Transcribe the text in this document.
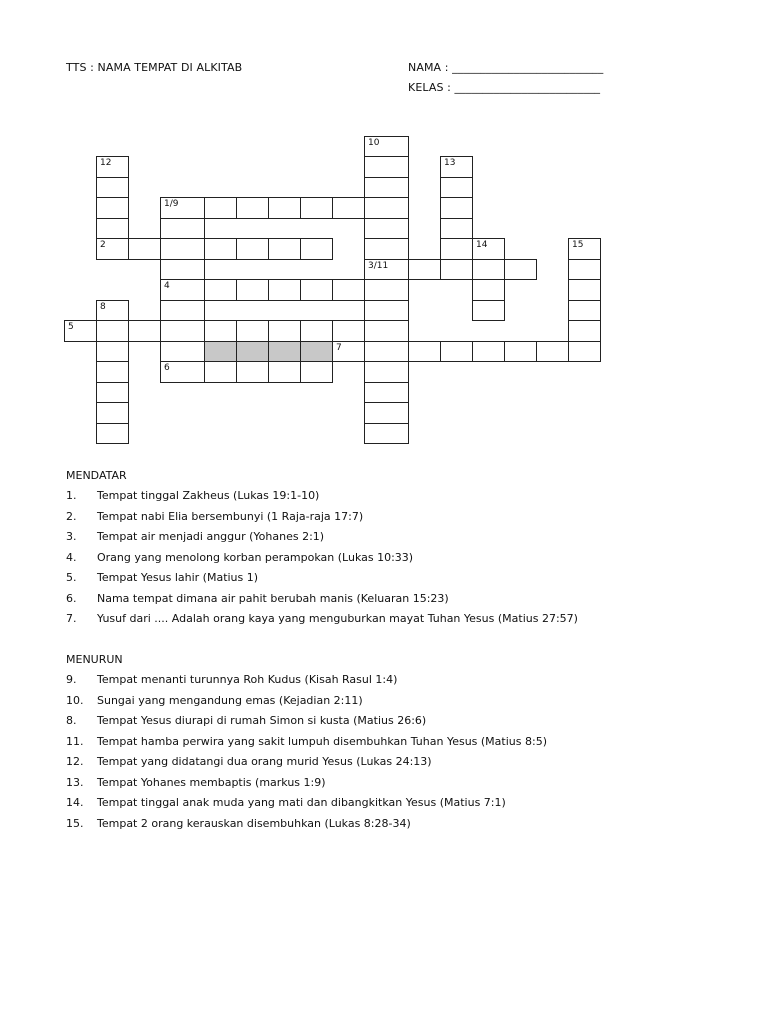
TTS : NAMA TEMPAT DI ALKITAB	NAMA : ___________________________
KELAS : __________________________
1/9
2
3/11
4
5
7
6
10
12
8
13
14	15
MENDATAR
1.	Tempat tinggal Zakheus (Lukas 19:1-10)
2.	Tempat nabi Elia bersembunyi (1 Raja-raja 17:7)
3.	Tempat air menjadi anggur (Yohanes 2:1)
4.	Orang yang menolong korban perampokan (Lukas 10:33)
5.	Tempat Yesus lahir (Matius 1)
6.	Nama tempat dimana air pahit berubah manis (Keluaran 15:23)
7.	Yusuf dari .... Adalah orang kaya yang menguburkan mayat Tuhan Yesus (Matius 27:57)
MENURUN
9.	Tempat menanti turunnya Roh Kudus (Kisah Rasul 1:4)
10.	Sungai yang mengandung emas (Kejadian 2:11)
8.	Tempat Yesus diurapi di rumah Simon si kusta (Matius 26:6)
11.	Tempat hamba perwira yang sakit lumpuh disembuhkan Tuhan Yesus (Matius 8:5)
12.	Tempat yang didatangi dua orang murid Yesus (Lukas 24:13)
13.	Tempat Yohanes membaptis (markus 1:9)
14.	Tempat tinggal anak muda yang mati dan dibangkitkan Yesus (Matius 7:1)
15.	Tempat 2 orang kerauskan disembuhkan (Lukas 8:28-34)
